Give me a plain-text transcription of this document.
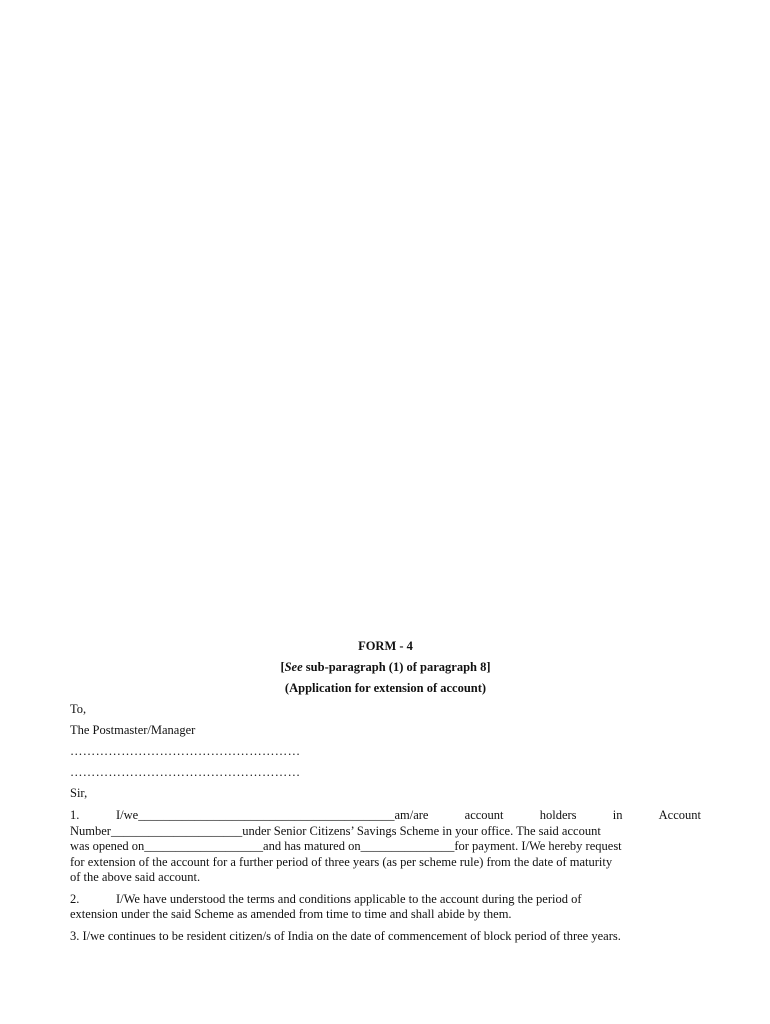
FORM - 4

[See sub-paragraph (1) of paragraph 8]

(Application for extension of account)

To,

The Postmaster/Manager

………………………………………………

………………………………………………

Sir,

1.	I/we_________________________________________am/are	account	holders	in	Account

Number_____________________under Senior Citizens’ Savings Scheme in your office. The said account

was opened on___________________and has matured on_______________for payment. I/We hereby request

for extension of the account for a further period of three years (as per scheme rule) from the date of maturity

of the above said account.

2.	I/We have understood the terms and conditions applicable to the account during the period of

extension under the said Scheme as amended from time to time and shall abide by them.

3. I/we continues to be resident citizen/s of India on the date of commencement of block period of three years.
